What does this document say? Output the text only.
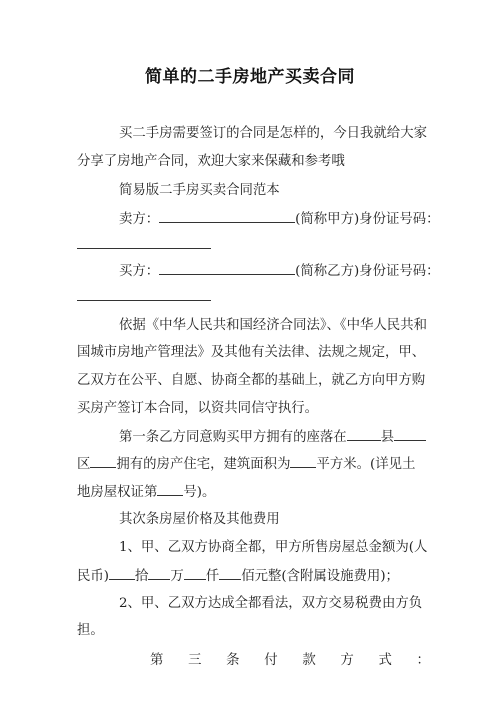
简单的二手房地产买卖合同
买二手房需要签订的合同是怎样的，今日我就给大家
分享了房地产合同，欢迎大家来保藏和参考哦
简易版二手房买卖合同范本
卖方：	(简称甲方)身份证号码：
买方：	(简称乙方)身份证号码：
依据《中华人民共和国经济合同法》、《中华人民共和
国城市房地产管理法》及其他有关法律、法规之规定，甲、
乙双方在公平、自愿、协商全都的基础上，就乙方向甲方购
买房产签订本合同，以资共同信守执行。
第一条乙方同意购买甲方拥有的座落在	县
区 拥有的房产住宅，建筑面积为 平方米。(详见土
地房屋权证第 号)。
其次条房屋价格及其他费用
1、甲、乙双方协商全都，甲方所售房屋总金额为(人
民币) 拾 万 仟 佰元整(含附属设施费用)；
2、甲、乙双方达成全都看法，双方交易税费由方负
担。
第 三 条 付 款 方 式 ：
